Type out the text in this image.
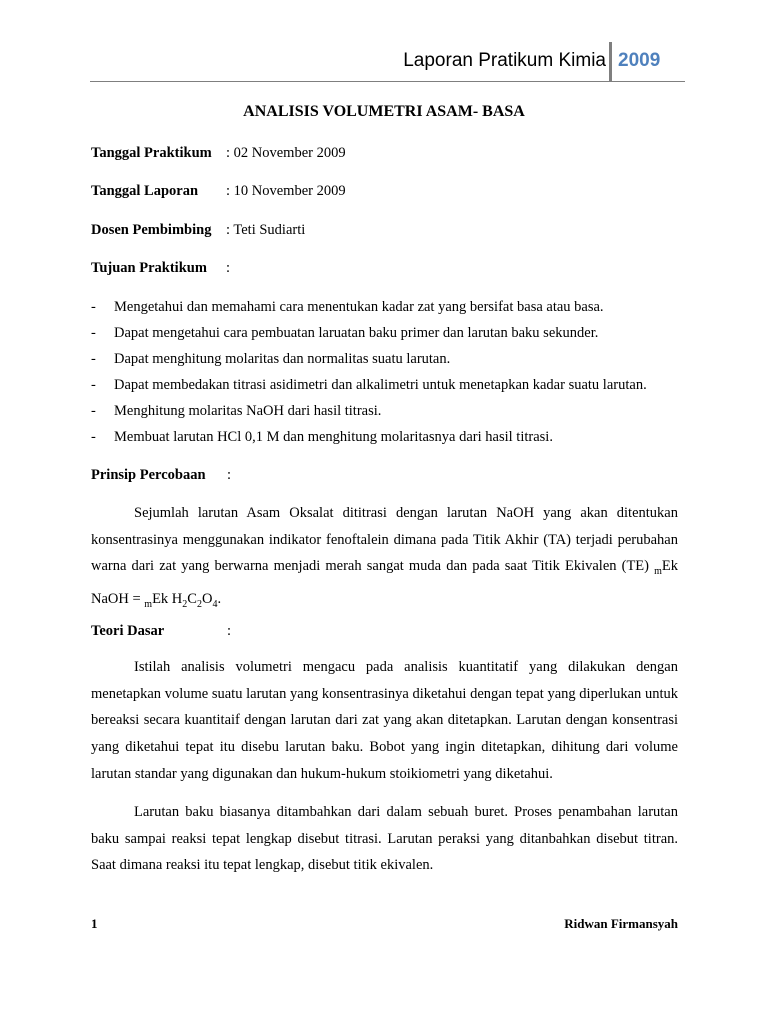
Laporan Pratikum Kimia 2009
ANALISIS VOLUMETRI ASAM- BASA
Tanggal Praktikum : 02 November 2009
Tanggal Laporan : 10 November 2009
Dosen Pembimbing : Teti Sudiarti
Tujuan Praktikum :
- Mengetahui dan memahami cara menentukan kadar zat yang bersifat basa atau basa.
- Dapat mengetahui cara pembuatan laruatan baku primer dan larutan baku sekunder.
- Dapat menghitung molaritas dan normalitas suatu larutan.
- Dapat membedakan titrasi asidimetri dan alkalimetri untuk menetapkan kadar suatu larutan.
- Menghitung molaritas NaOH dari hasil titrasi.
- Membuat larutan HCl 0,1 M dan menghitung molaritasnya dari hasil titrasi.
Prinsip Percobaan :

Sejumlah larutan Asam Oksalat dititrasi dengan larutan NaOH yang akan ditentukan konsentrasinya menggunakan indikator fenoftalein dimana pada Titik Akhir (TA) terjadi perubahan warna dari zat yang berwarna menjadi merah sangat muda dan pada saat Titik Ekivalen (TE) $_m$Ek NaOH = $_m$Ek $H_2C_2O_4$.

Teori Dasar	:

Istilah analisis volumetri mengacu pada analisis kuantitatif yang dilakukan dengan menetapkan volume suatu larutan yang konsentrasinya diketahui dengan tepat yang diperlukan untuk bereaksi secara kuantitaif dengan larutan dari zat yang akan ditetapkan. Larutan dengan konsentrasi yang diketahui tepat itu disebu larutan baku. Bobot yang ingin ditetapkan, dihitung dari volume larutan standar yang digunakan dan hukum-hukum stoikiometri yang diketahui.

Larutan baku biasanya ditambahkan dari dalam sebuah buret. Proses penambahan larutan baku sampai reaksi tepat lengkap disebut titrasi. Larutan peraksi yang ditanbahkan disebut titran. Saat dimana reaksi itu tepat lengkap, disebut titik ekivalen.

1	Ridwan Firmansyah
